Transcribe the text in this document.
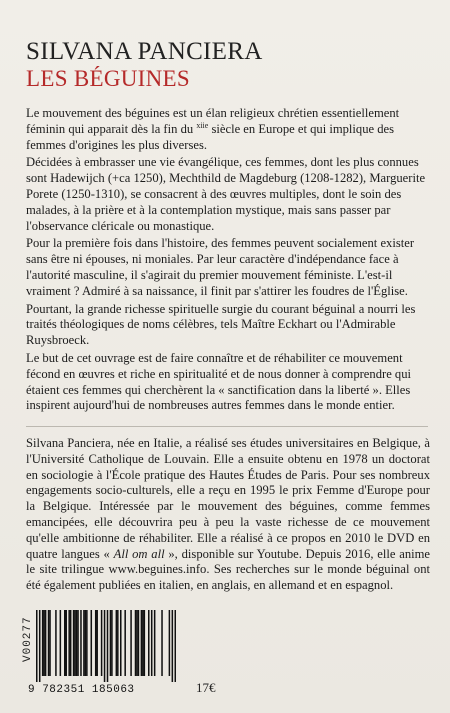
SILVANA PANCIERA
LES BÉGUINES

Le mouvement des béguines est un élan religieux chrétien essentiellement féminin qui apparait dès la fin du $^{xiie}$ siècle en Europe et qui implique des femmes d'origines les plus diverses.

Décidées à embrasser une vie évangélique, ces femmes, dont les plus connues sont Hadewijch (+ca 1250), Mechthild de Magdeburg (1208-1282), Marguerite Porete (1250-1310), se consacrent à des œuvres multiples, dont le soin des malades, à la prière et à la contemplation mystique, mais sans passer par l'observance cléricale ou monastique.

Pour la première fois dans l'histoire, des femmes peuvent socialement exister sans être ni épouses, ni moniales. Par leur caractère d'indépendance face à l'autorité masculine, il s'agirait du premier mouvement féministe. L'est-il vraiment ? Admiré à sa naissance, il finit par s'attirer les foudres de l'Église.

Pourtant, la grande richesse spirituelle surgie du courant béguinal a nourri les traités théologiques de noms célèbres, tels Maître Eckhart ou l'Admirable Ruysbroeck.

Le but de cet ouvrage est de faire connaître et de réhabiliter ce mouvement fécond en œuvres et riche en spiritualité et de nous donner à comprendre qui étaient ces femmes qui cherchèrent la « sanctification dans la liberté ». Elles inspirent aujourd'hui de nombreuses autres femmes dans le monde entier.

Silvana Panciera, née en Italie, a réalisé ses études universitaires en Belgique, à l'Université Catholique de Louvain. Elle a ensuite obtenu en 1978 un doctorat en sociologie à l'École pratique des Hautes Études de Paris. Pour ses nombreux engagements socio-culturels, elle a reçu en 1995 le prix Femme d'Europe pour la Belgique. Intéressée par le mouvement des béguines, comme femmes emancipées, elle découvrira peu à peu la vaste richesse de ce mouvement qu'elle ambitionne de réhabiliter. Elle a réalisé à ce propos en 2010 le DVD en quatre langues « All om all », disponible sur Youtube. Depuis 2016, elle anime le site trilingue www.beguines.info. Ses recherches sur le monde béguinal ont été également publiées en italien, en anglais, en allemand et en espagnol.

V00277
9 782351 185063	17€
